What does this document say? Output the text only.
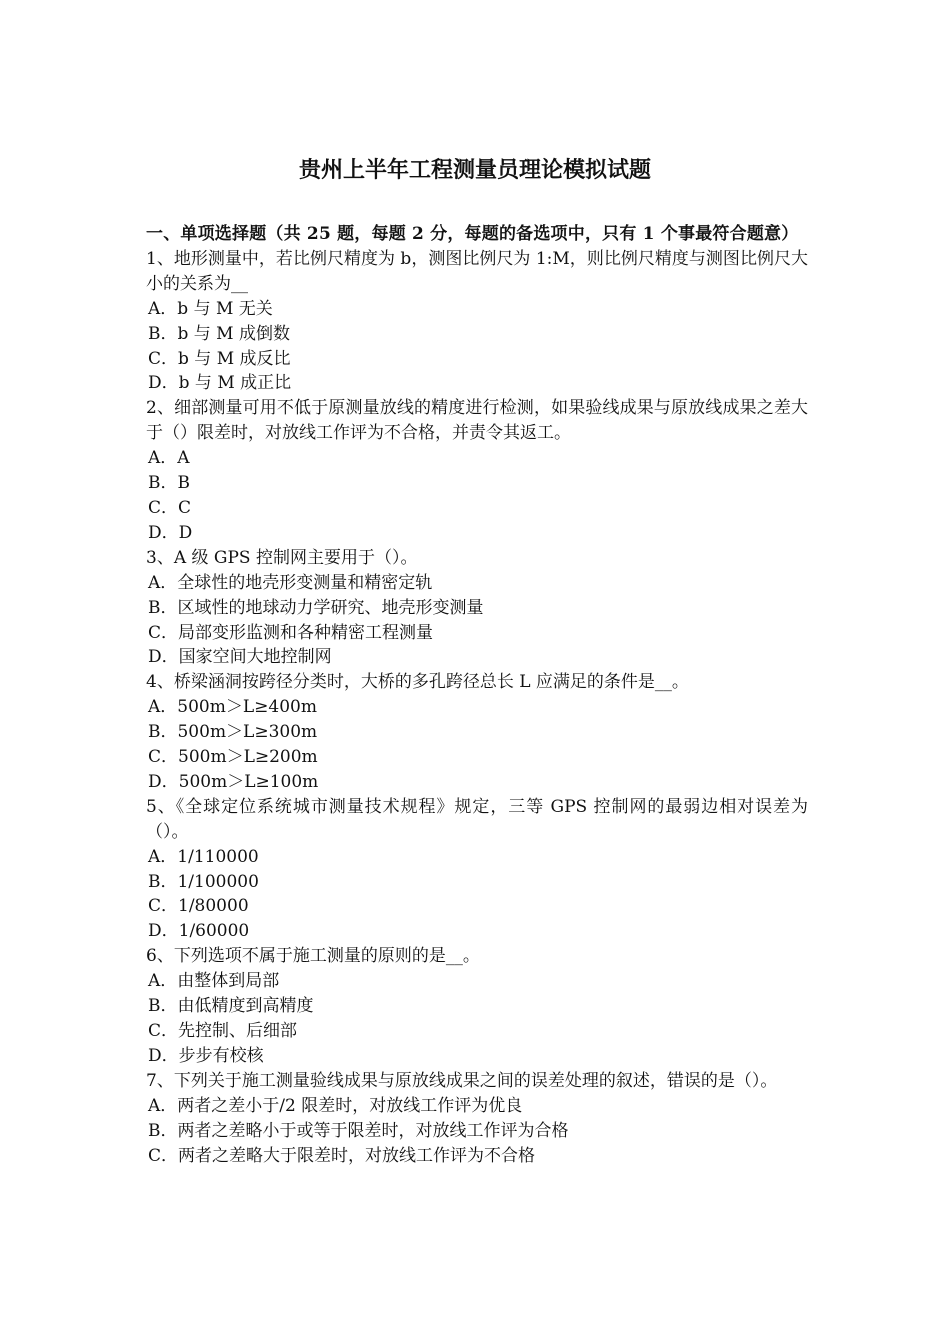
贵州上半年工程测量员理论模拟试题

一、单项选择题（共 25 题，每题 2 分，每题的备选项中，只有 1 个事最符合题意）

1、地形测量中，若比例尺精度为 b，测图比例尺为 1:M，则比例尺精度与测图比例尺大小的关系为__

A．b 与 M 无关

B．b 与 M 成倒数

C．b 与 M 成反比

D．b 与 M 成正比

2、细部测量可用不低于原测量放线的精度进行检测，如果验线成果与原放线成果之差大于（）限差时，对放线工作评为不合格，并责令其返工。

A．A

B．B

C．C

D．D

3、A 级 GPS 控制网主要用于（）。

A．全球性的地壳形变测量和精密定轨

B．区域性的地球动力学研究、地壳形变测量

C．局部变形监测和各种精密工程测量

D．国家空间大地控制网

4、桥梁涵洞按跨径分类时，大桥的多孔跨径总长 L 应满足的条件是__。

A．500m＞L≥400m

B．500m＞L≥300m

C．500m＞L≥200m

D．500m＞L≥100m

5、《全球定位系统城市测量技术规程》规定，三等 GPS 控制网的最弱边相对误差为（）。

A．1/110000

B．1/100000

C．1/80000

D．1/60000

6、下列选项不属于施工测量的原则的是__。

A．由整体到局部

B．由低精度到高精度

C．先控制、后细部

D．步步有校核

7、下列关于施工测量验线成果与原放线成果之间的误差处理的叙述，错误的是（）。

A．两者之差小于/2 限差时，对放线工作评为优良

B．两者之差略小于或等于限差时，对放线工作评为合格

C．两者之差略大于限差时，对放线工作评为不合格
